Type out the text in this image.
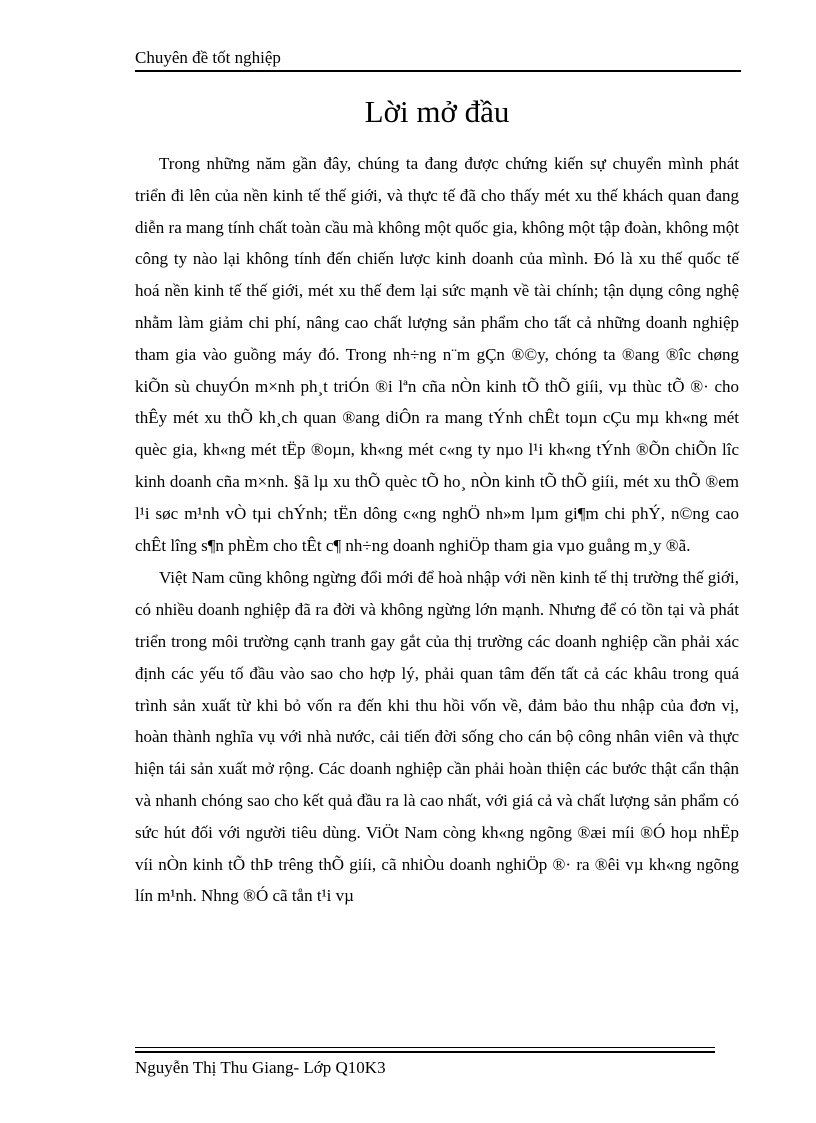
Chuyên đề tốt nghiệp
Lời mở đầu

Trong những năm gần đây, chúng ta đang được chứng kiến sự chuyển mình phát triển đi lên của nền kinh tế thế giới, và thực tế đã cho thấy mét xu thế khách quan đang diễn ra mang tính chất toàn cầu mà không một quốc gia, không một tập đoàn, không một công ty nào lại không tính đến chiến lược kinh doanh của mình. Đó là xu thế quốc tế hoá nền kinh tế thế giới, mét xu thế đem lại sức mạnh về tài chính; tận dụng công nghệ nhằm làm giảm chi phí, nâng cao chất lượng sản phẩm cho tất cả những doanh nghiệp tham gia vào guồng máy đó. Trong nh÷ng n¨m gÇn ®©y, chóng ta ®ang ®îc chøng kiÕn sù chuyÓn m×nh ph¸t triÓn ®i lªn cña nÒn kinh tÕ thÕ giíi, vµ thùc tÕ ®· cho thÊy mét xu thÕ kh¸ch quan ®ang diÔn ra mang tÝnh chÊt toµn cÇu mµ kh«ng mét quèc gia, kh«ng mét tËp ®oµn, kh«ng mét c«ng ty nµo l¹i kh«ng tÝnh ®Õn chiÕn lîc kinh doanh cña m×nh. §ã lµ xu thÕ quèc tÕ ho¸ nÒn kinh tÕ thÕ giíi, mét xu thÕ ®em l¹i søc m¹nh vÒ tµi chÝnh; tËn dông c«ng nghÖ nh»m lµm gi¶m chi phÝ, n©ng cao chÊt lîng s¶n phÈm cho tÊt c¶ nh÷ng doanh nghiÖp tham gia vµo guång m¸y ®ã.

Việt Nam cũng không ngừng đổi mới để hoà nhập với nền kinh tế thị trường thế giới, có nhiều doanh nghiệp đã ra đời và không ngừng lớn mạnh. Nhưng để có tồn tại và phát triển trong môi trường cạnh tranh gay gắt của thị trường các doanh nghiệp cần phải xác định các yếu tố đầu vào sao cho hợp lý, phải quan tâm đến tất cả các khâu trong quá trình sản xuất từ khi bỏ vốn ra đến khi thu hồi vốn về, đảm bảo thu nhập của đơn vị, hoàn thành nghĩa vụ với nhà nước, cải tiến đời sống cho cán bộ công nhân viên và thực hiện tái sản xuất mở rộng. Các doanh nghiệp cần phải hoàn thiện các bước thật cẩn thận và nhanh chóng sao cho kết quả đầu ra là cao nhất, với giá cả và chất lượng sản phẩm có sức hút đối với người tiêu dùng. ViÖt Nam còng kh«ng ngõng ®æi míi ®Ó hoµ nhËp víi nÒn kinh tÕ thÞ trêng thÕ giíi, cã nhiÒu doanh nghiÖp ®· ra ®êi vµ kh«ng ngõng lín m¹nh. Nhng ®Ó cã tån t¹i vµ

Nguyễn Thị Thu Giang- Lớp Q10K3
